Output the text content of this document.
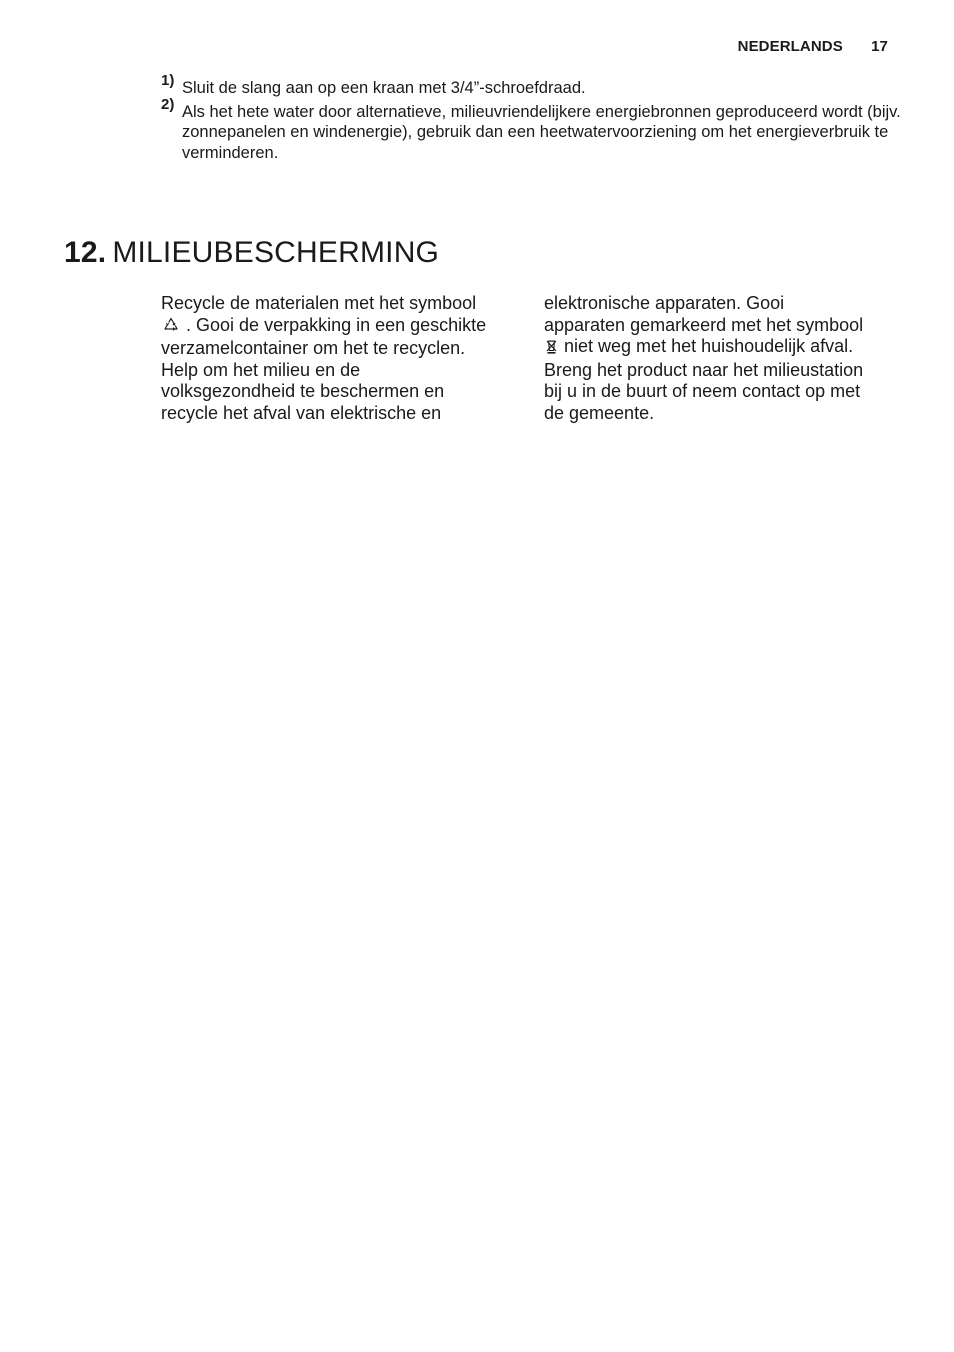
NEDERLANDS 17
1) Sluit de slang aan op een kraan met 3/4”-schroefdraad.
2) Als het hete water door alternatieve, milieuvriendelijkere energiebronnen geproduceerd wordt (bijv. zonnepanelen en windenergie), gebruik dan een heetwatervoorziening om het energieverbruik te verminderen.
12. MILIEUBESCHERMING

Recycle de materialen met het symbool  . Gooi de verpakking in een geschikte verzamelcontainer om het te recyclen.

Help om het milieu en de volksgezondheid te beschermen en recycle het afval van elektrische en

elektronische apparaten. Gooi apparaten gemarkeerd met het symbool  niet weg met het huishoudelijk afval. Breng het product naar het milieustation bij u in de buurt of neem contact op met de gemeente.
